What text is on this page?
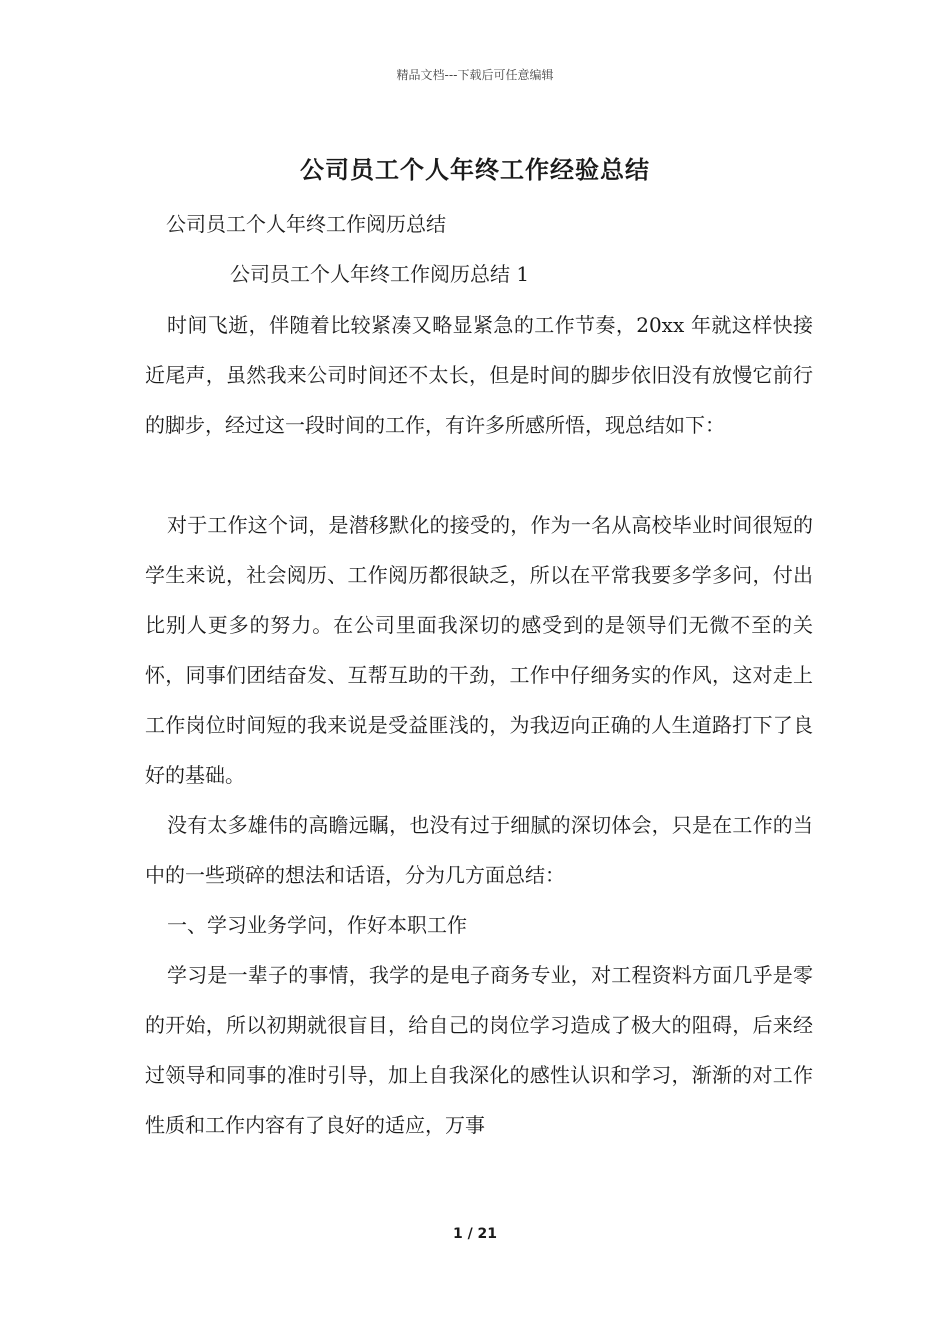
精品文档---下载后可任意编辑
公司员工个人年终工作经验总结
公司员工个人年终工作阅历总结
公司员工个人年终工作阅历总结 1

时间飞逝，伴随着比较紧凑又略显紧急的工作节奏，20xx 年就这样快接近尾声，虽然我来公司时间还不太长，但是时间的脚步依旧没有放慢它前行的脚步，经过这一段时间的工作，有许多所感所悟，现总结如下：

对于工作这个词，是潜移默化的接受的，作为一名从高校毕业时间很短的学生来说，社会阅历、工作阅历都很缺乏，所以在平常我要多学多问，付出比别人更多的努力。在公司里面我深切的感受到的是领导们无微不至的关怀，同事们团结奋发、互帮互助的干劲，工作中仔细务实的作风，这对走上工作岗位时间短的我来说是受益匪浅的，为我迈向正确的人生道路打下了良好的基础。

没有太多雄伟的高瞻远瞩，也没有过于细腻的深切体会，只是在工作的当中的一些琐碎的想法和话语，分为几方面总结：

一、学习业务学问，作好本职工作

学习是一辈子的事情，我学的是电子商务专业，对工程资料方面几乎是零的开始，所以初期就很盲目，给自己的岗位学习造成了极大的阻碍，后来经过领导和同事的准时引导，加上自我深化的感性认识和学习，渐渐的对工作性质和工作内容有了良好的适应，万事

1 / 21
